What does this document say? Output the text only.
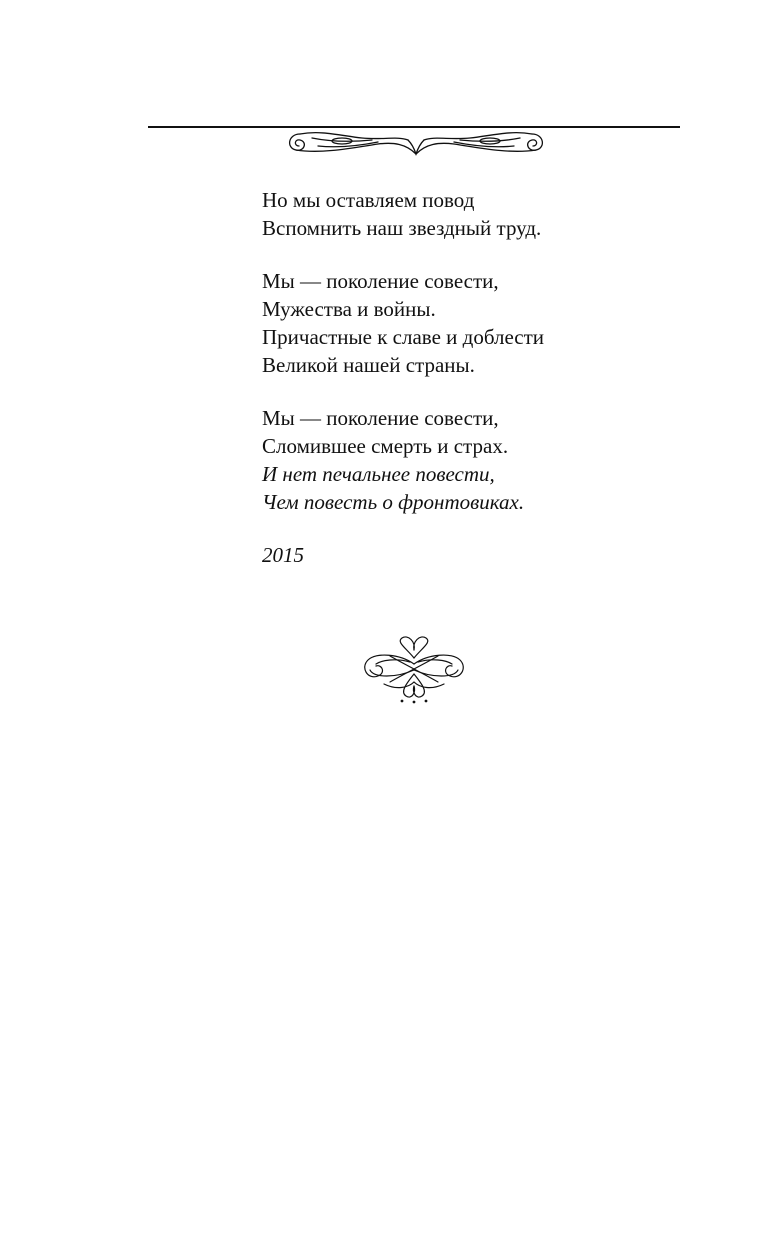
Но мы оставляем повод
Вспомнить наш звездный труд.
Мы — поколение совести,
Мужества и войны.
Причастные к славе и доблести
Великой нашей страны.
Мы — поколение совести,
Сломившее смерть и страх.
И нет печальнее повести,
Чем повесть о фронтовиках.
2015
